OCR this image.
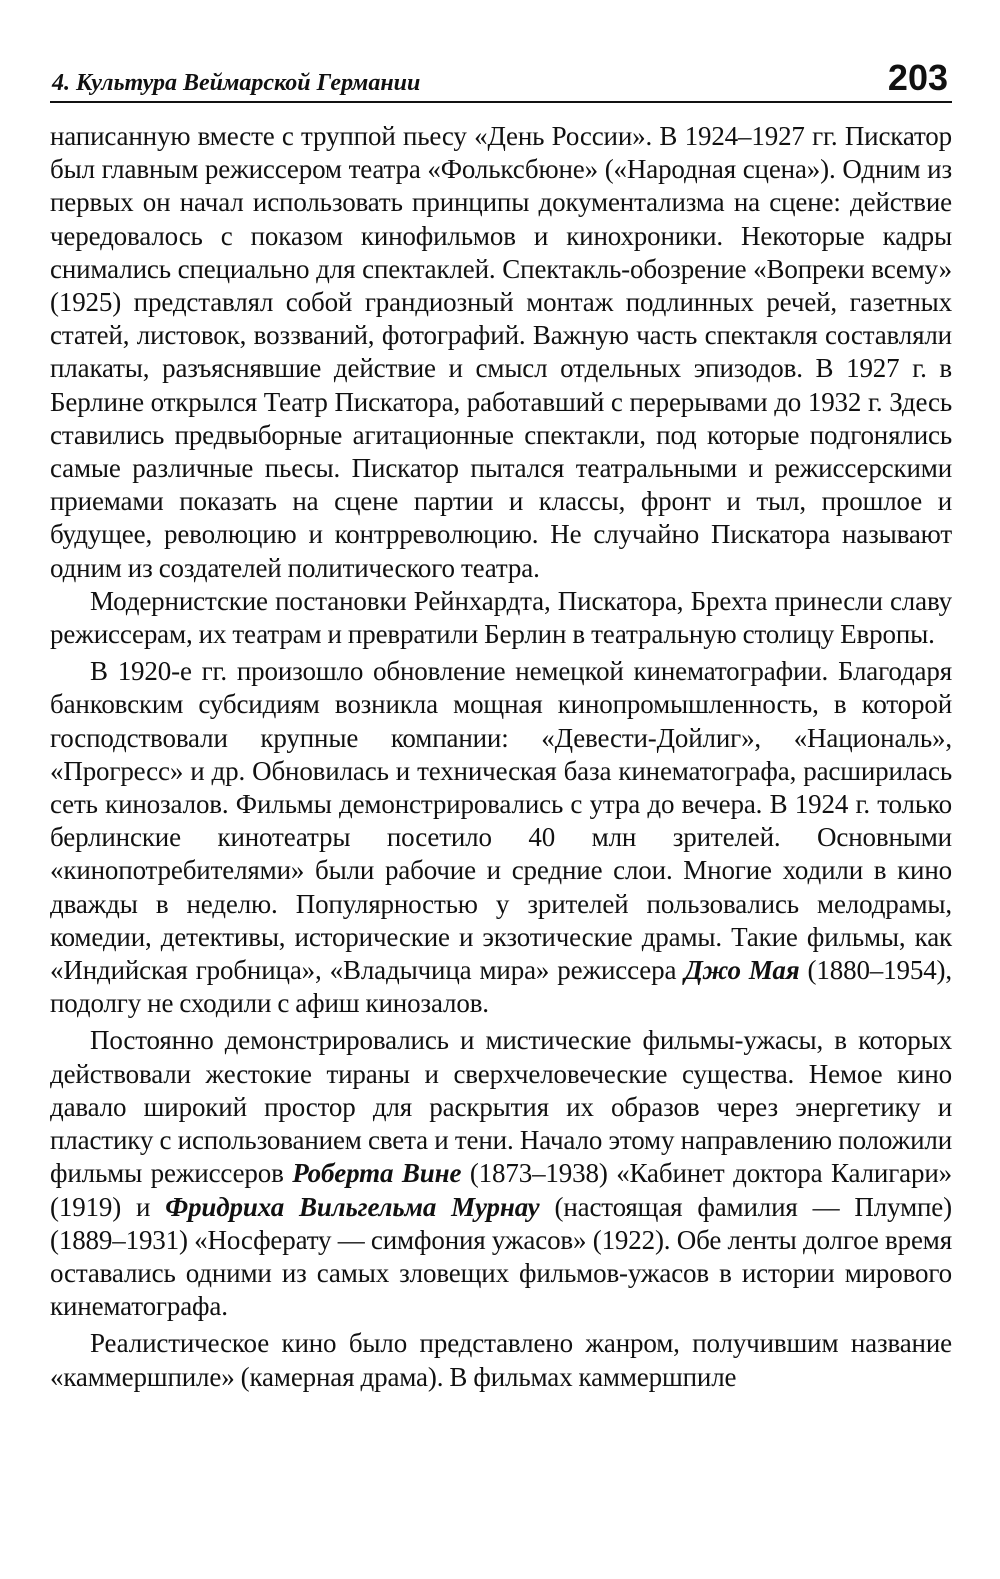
4. Культура Веймарской Германии	203

написанную вместе с труппой пьесу «День России». В 1924–1927 гг. Пискатор был главным режиссером театра «Фольксбюне» («Народная сцена»). Одним из первых он начал использовать принципы документализма на сцене: действие чередовалось с показом кинофильмов и кинохроники. Некоторые кадры снимались специально для спектаклей. Спектакль-обозрение «Вопреки всему» (1925) представлял собой грандиозный монтаж подлинных речей, газетных статей, листовок, воззваний, фотографий. Важную часть спектакля составляли плакаты, разъяснявшие действие и смысл отдельных эпизодов. В 1927 г. в Берлине открылся Театр Пискатора, работавший с перерывами до 1932 г. Здесь ставились предвыборные агитационные спектакли, под которые подгонялись самые различные пьесы. Пискатор пытался театральными и режиссерскими приемами показать на сцене партии и классы, фронт и тыл, прошлое и будущее, революцию и контрреволюцию. Не случайно Пискатора называют одним из создателей политического театра.

Модернистские постановки Рейнхардта, Пискатора, Брехта принесли славу режиссерам, их театрам и превратили Берлин в театральную столицу Европы.

В 1920-е гг. произошло обновление немецкой кинематографии. Благодаря банковским субсидиям возникла мощная кинопромышленность, в которой господствовали крупные компании: «Девести-Дойлиг», «Националь», «Прогресс» и др. Обновилась и техническая база кинематографа, расширилась сеть кинозалов. Фильмы демонстрировались с утра до вечера. В 1924 г. только берлинские кинотеатры посетило 40 млн зрителей. Основными «кинопотребителями» были рабочие и средние слои. Многие ходили в кино дважды в неделю. Популярностью у зрителей пользовались мелодрамы, комедии, детективы, исторические и экзотические драмы. Такие фильмы, как «Индийская гробница», «Владычица мира» режиссера Джо Мая (1880–1954), подолгу не сходили с афиш кинозалов.

Постоянно демонстрировались и мистические фильмы-ужасы, в которых действовали жестокие тираны и сверхчеловеческие существа. Немое кино давало широкий простор для раскрытия их образов через энергетику и пластику с использованием света и тени. Начало этому направлению положили фильмы режиссеров Роберта Вине (1873–1938) «Кабинет доктора Калигари» (1919) и Фридриха Вильгельма Мурнау (настоящая фамилия — Плумпе) (1889–1931) «Носферату — симфония ужасов» (1922). Обе ленты долгое время оставались одними из самых зловещих фильмов-ужасов в истории мирового кинематографа.

Реалистическое кино было представлено жанром, получившим название «каммершпиле» (камерная драма). В фильмах каммершпиле
